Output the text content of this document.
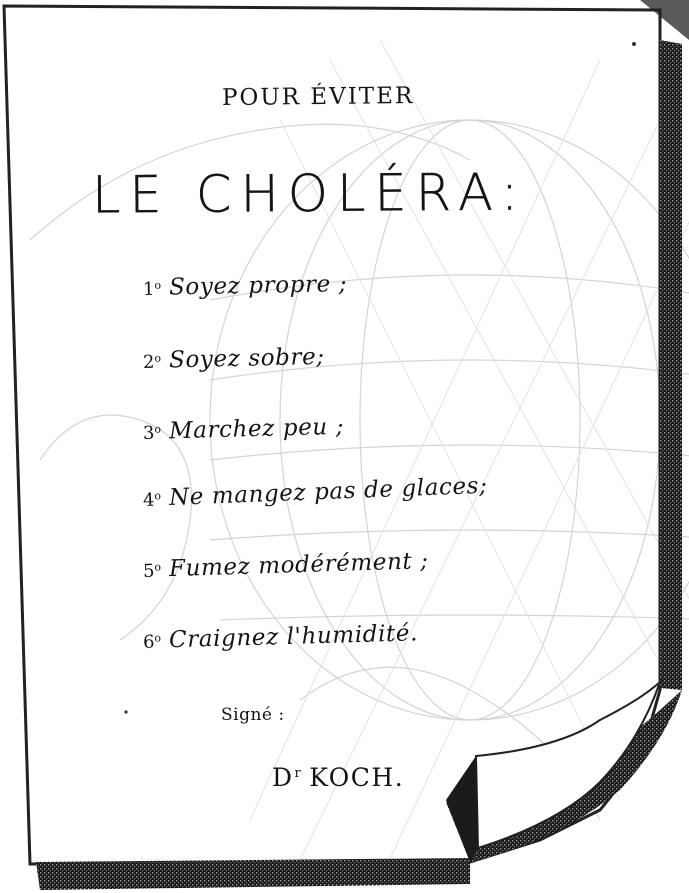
POUR ÉVITER
LE CHOLÉRA:
1$^o$ Soyez propre ;
2$^o$ Soyez sobre;
3$^o$ Marchez peu ;
4$^o$ Ne mangez pas de glaces;
5$^o$ Fumez modérément ;
6$^o$ Craignez l'humidité.
Signé :
$D^r$ KOCH.
